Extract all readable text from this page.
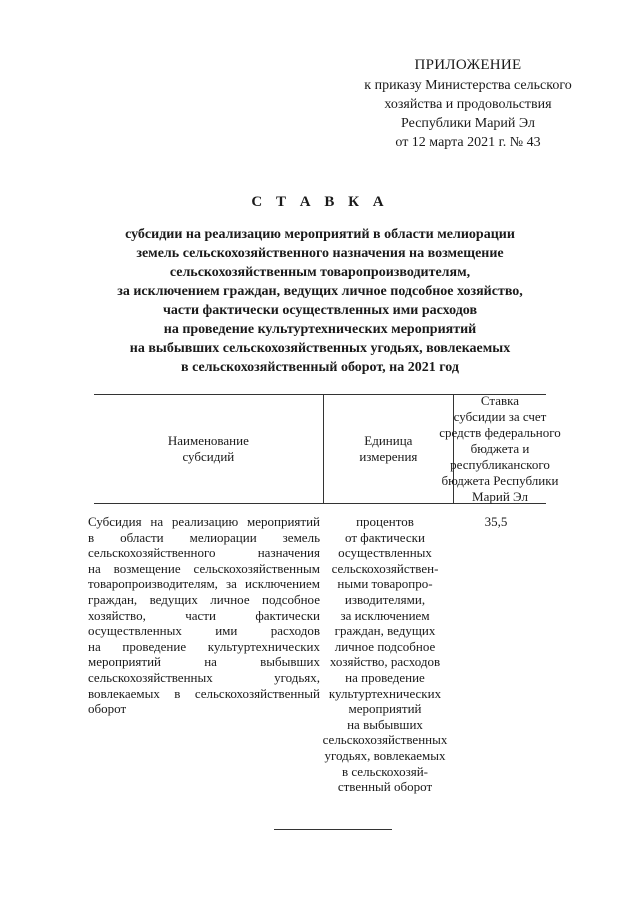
ПРИЛОЖЕНИЕ
к приказу Министерства сельского
хозяйства и продовольствия
Республики Марий Эл
от 12 марта 2021 г. № 43
С Т А В К А
субсидии на реализацию мероприятий в области мелиорации
земель сельскохозяйственного назначения на возмещение
сельскохозяйственным товаропроизводителям,
за исключением граждан, ведущих личное подсобное хозяйство,
части фактически осуществленных ими расходов
на проведение культуртехнических мероприятий
на выбывших сельскохозяйственных угодьях, вовлекаемых
в сельскохозяйственный оборот, на 2021 год
Наименование
субсидий
Единица
измерения
Ставка
субсидии за счет
средств федерального
бюджета и
республиканского
бюджета Республики
Марий Эл
Субсидия на реализацию мероприятий
в области мелиорации земель
сельскохозяйственного назначения
на возмещение сельскохозяйственным
товаропроизводителям, за исключением
граждан, ведущих личное подсобное
хозяйство, части фактически
осуществленных ими расходов
на проведение культуртехнических
мероприятий на выбывших
сельскохозяйственных угодьях,
вовлекаемых в сельскохозяйственный
оборот
процентов
от фактически
осуществленных
сельскохозяйствен-
ными товаропро-
изводителями,
за исключением
граждан, ведущих
личное подсобное
хозяйство, расходов
на проведение
культуртехнических
мероприятий
на выбывших
сельскохозяйственных
угодьях, вовлекаемых
в сельскохозяй-
ственный оборот
35,5
